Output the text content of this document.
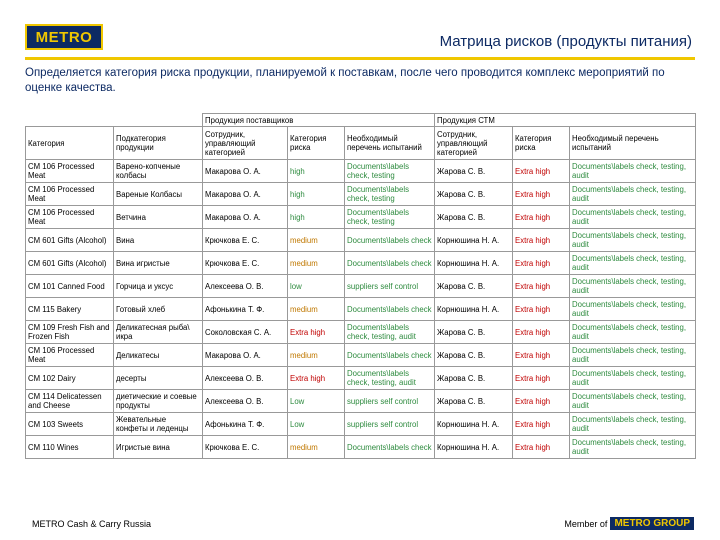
METRO	Матрица рисков (продукты питания)
Определяется категория риска продукции, планируемой к поставкам, после чего проводится комплекс мероприятий по оценке качества.
		Продукция поставщиков			Продукция СТМ		
Категория	Подкатегория продукции	Сотрудник, управляющий категорией	Категория риска	Необходимый перечень испытаний	Сотрудник, управляющий категорией	Категория риска	Необходимый перечень испытаний
CM 106 Processed Meat	Варено-копченые колбасы	Макарова О. А.	high	Documents\labels check, testing	Жарова С. В.	Extra high	Documents\labels check, testing, audit
CM 106 Processed Meat	Вареные Колбасы	Макарова О. А.	high	Documents\labels check, testing	Жарова С. В.	Extra high	Documents\labels check, testing, audit
CM 106 Processed Meat	Ветчина	Макарова О. А.	high	Documents\labels check, testing	Жарова С. В.	Extra high	Documents\labels check, testing, audit
CM 601 Gifts (Alcohol)	Вина	Крючкова Е. С.	medium	Documents\labels check	Корнюшина Н. А.	Extra high	Documents\labels check, testing, audit
CM 601 Gifts (Alcohol)	Вина игристые	Крючкова Е. С.	medium	Documents\labels check	Корнюшина Н. А.	Extra high	Documents\labels check, testing, audit
CM 101 Canned Food	Горчица и уксус	Алексеева О. В.	low	suppliers self control	Жарова С. В.	Extra high	Documents\labels check, testing, audit
CM 115 Bakery	Готовый хлеб	Афонькина Т. Ф.	medium	Documents\labels check	Корнюшина Н. А.	Extra high	Documents\labels check, testing, audit
CM 109 Fresh Fish and Frozen Fish	Деликатесная рыба\ икра	Соколовская С. А.	Extra high	Documents\labels check, testing, audit	Жарова С. В.	Extra high	Documents\labels check, testing, audit
CM 106 Processed Meat	Деликатесы	Макарова О. А.	medium	Documents\labels check	Жарова С. В.	Extra high	Documents\labels check, testing, audit
CM 102 Dairy	десерты	Алексеева О. В.	Extra high	Documents\labels check, testing, audit	Жарова С. В.	Extra high	Documents\labels check, testing, audit
CM 114 Delicatessen and Cheese	диетические и соевые продукты	Алексеева О. В.	Low	suppliers self control	Жарова С. В.	Extra high	Documents\labels check, testing, audit
CM 103 Sweets	Жевательные конфеты и леденцы	Афонькина Т. Ф.	Low	suppliers self control	Корнюшина Н. А.	Extra high	Documents\labels check, testing, audit
CM 110 Wines	Игристые вина	Крючкова Е. С.	medium	Documents\labels check	Корнюшина Н. А.	Extra high	Documents\labels check, testing, audit
METRO Cash & Carry Russia	Member of METRO GROUP
